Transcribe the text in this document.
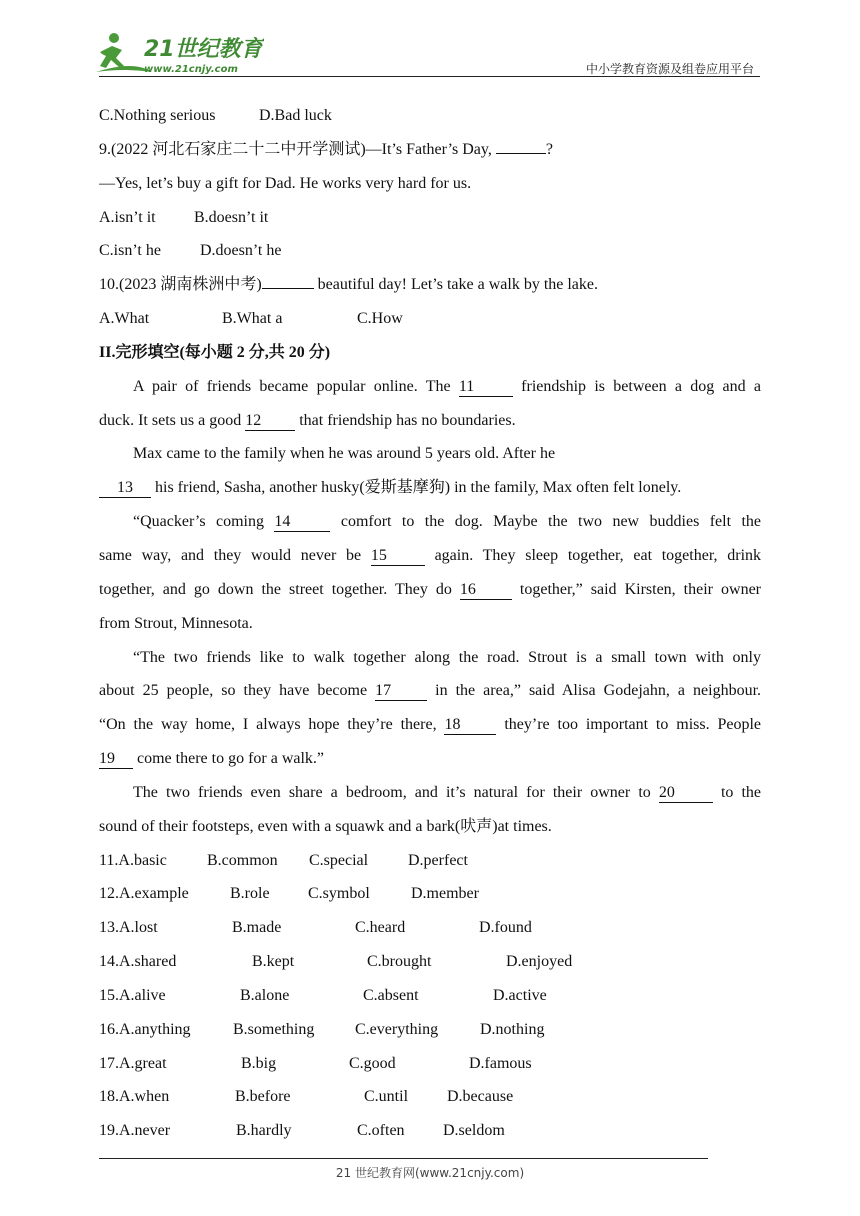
21世纪教育
www.21cnjy.com	中小学教育资源及组卷应用平台
C.Nothing serious	D.Bad luck
9.(2022 河北石家庄二十二中开学测试)—It’s Father’s Day,	?
—Yes, let’s buy a gift for Dad. He works very hard for us.
A.isn’t it B.doesn’t it
C.isn’t he D.doesn’t he
10.(2023 湖南株洲中考)	beautiful day! Let’s take a walk by the lake.
A.What	B.What a	C.How
II.完形填空(每小题 2 分,共 20 分)
A pair of friends became popular online. The 11	friendship is between a dog and a
duck. It sets us a good 12 that friendship has no boundaries.
Max came to the family when he was around 5 years old. After he
13 his friend, Sasha, another husky(爱斯基摩狗) in the family, Max often felt lonely.
“Quacker’s coming 14	comfort to the dog. Maybe the two new buddies felt the
same way, and they would never be 15	again. They sleep together, eat together, drink
together, and go down the street together. They do 16	together,” said Kirsten, their owner
from Strout, Minnesota.
“The two friends like to walk together along the road. Strout is a small town with only
about 25 people, so they have become 17	in the area,” said Alisa Godejahn, a neighbour.
“On the way home, I always hope they’re there, 18	they’re too important to miss. People
19 come there to go for a walk.”
The two friends even share a bedroom, and it’s natural for their owner to 20	to the
sound of their footsteps, even with a squawk and a bark(吠声)at times.
11.A.basic	B.common C.special D.perfect
12.A.example	B.role C.symbol	D.member
13.A.lost	B.made	C.heard	D.found
14.A.shared	B.kept	C.brought	D.enjoyed
15.A.alive	B.alone	C.absent	D.active
16.A.anything	B.something	C.everything	D.nothing
17.A.great	B.big	C.good	D.famous
18.A.when	B.before	C.until D.because
19.A.never	B.hardly	C.often D.seldom
21 世纪教育网(www.21cnjy.com)
